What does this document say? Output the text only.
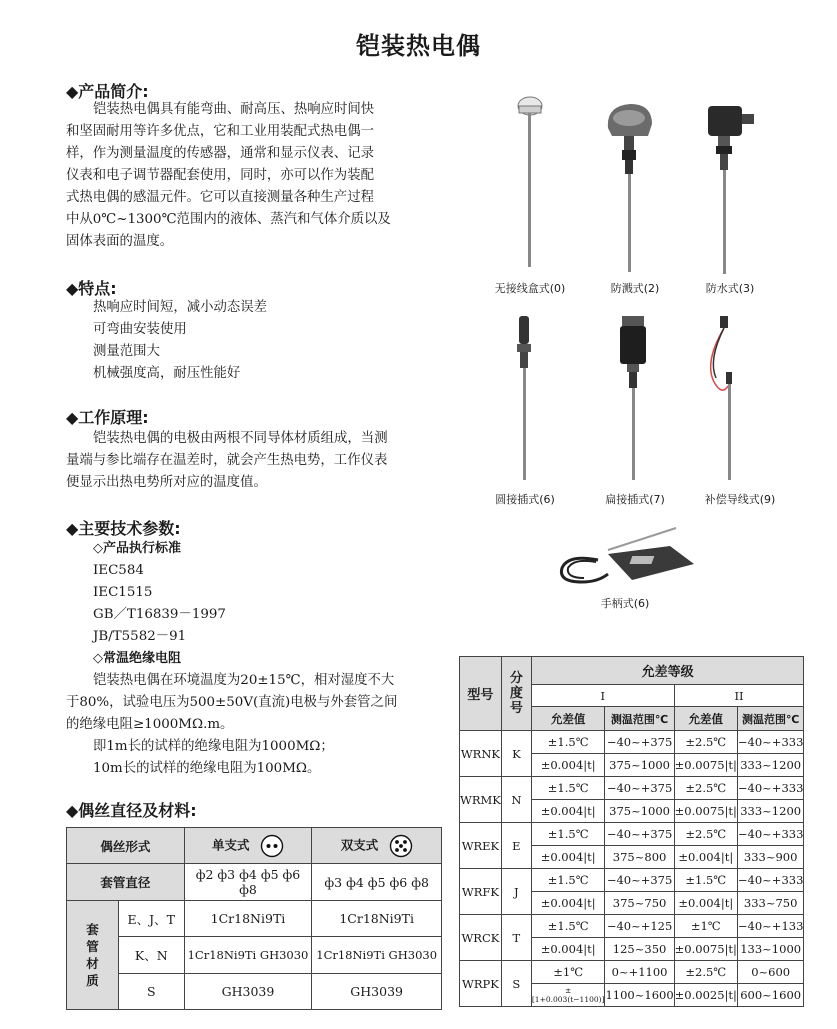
铠装热电偶
◆产品简介:
铠装热电偶具有能弯曲、耐高压、热响应时间快
和坚固耐用等许多优点，它和工业用装配式热电偶一
样，作为测量温度的传感器，通常和显示仪表、记录
仪表和电子调节器配套使用，同时，亦可以作为装配
式热电偶的感温元件。它可以直接测量各种生产过程
中从0℃~1300℃范围内的液体、蒸汽和气体介质以及
固体表面的温度。
◆特点:
热响应时间短，减小动态误差
可弯曲安装使用
测量范围大
机械强度高，耐压性能好
◆工作原理:
铠装热电偶的电极由两根不同导体材质组成，当测
量端与参比端存在温差时，就会产生热电势，工作仪表
便显示出热电势所对应的温度值。
◆主要技术参数:
◇产品执行标准
IEC584
IEC1515
GB／T16839－1997
JB/T5582－91
◇常温绝缘电阻
铠装热电偶在环境温度为20±15℃，相对湿度不大
于80%，试验电压为500±50V(直流)电极与外套管之间
的绝缘电阻≥1000MΩ.m。
即1m长的试样的绝缘电阻为1000MΩ；
10m长的试样的绝缘电阻为100MΩ。
◆偶丝直径及材料:
偶丝形式		单支式	双支式
套管直径		ф2 ф3 ф4 ф5 ф6 ф8	ф3 ф4 ф5 ф6 ф8
套管材质	E、J、T	1Cr18Ni9Ti	1Cr18Ni9Ti
	K、N	1Cr18Ni9Ti GH3030	1Cr18Ni9Ti GH3030
	S	GH3039	GH3039
无接线盒式(0)	防溅式(2)	防水式(3)
圆接插式(6)	扁接插式(7)	补偿导线式(9)
手柄式(6)
型号	分度号	允差等级			
		I		II	
		允差值	测温范围℃	允差值	测温范围℃
WRNK	K	±1.5℃	−40~+375	±2.5℃	−40~+333
		±0.004|t|	375~1000	±0.0075|t|	333~1200
WRMK	N	±1.5℃	−40~+375	±2.5℃	−40~+333
		±0.004|t|	375~1000	±0.0075|t|	333~1200
WREK	E	±1.5℃	−40~+375	±2.5℃	−40~+333
		±0.004|t|	375~800	±0.004|t|	333~900
WRFK	J	±1.5℃	−40~+375	±1.5℃	−40~+333
		±0.004|t|	375~750	±0.004|t|	333~750
WRCK	T	±1.5℃	−40~+125	±1℃	−40~+133
		±0.004|t|	125~350	±0.0075|t|	133~1000
WRPK	S	±1℃	0~+1100	±2.5℃	0~600
		±[1+0.003(t−1100)]	1100~1600	±0.0025|t|	600~1600
